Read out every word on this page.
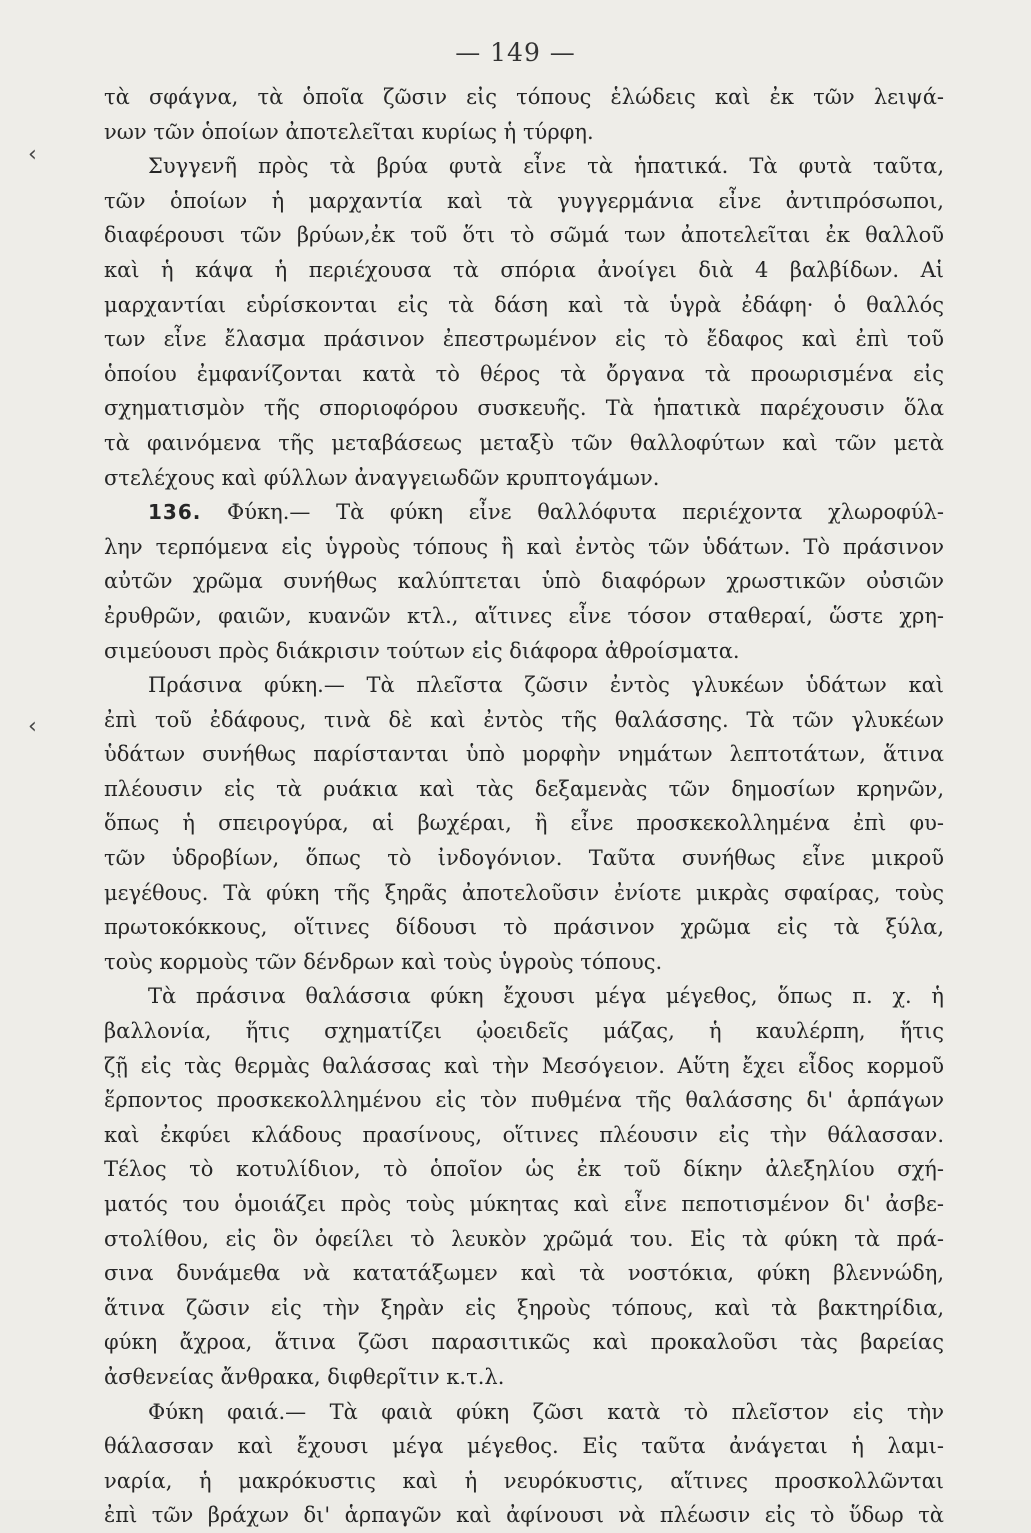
— 149 —
‹
‹
τὰ σφάγνα, τὰ ὁποῖα ζῶσιν εἰς τόπους ἑλώδεις καὶ ἐκ τῶν λειψά-
νων τῶν ὁποίων ἀποτελεῖται κυρίως ἡ τύρφη.
Συγγενῆ πρὸς τὰ βρύα φυτὰ εἶνε τὰ ἡπατικά. Τὰ φυτὰ ταῦτα,
τῶν ὁποίων ἡ μαρχαντία καὶ τὰ γυγγερμάνια εἶνε ἀντιπρόσωποι,
διαφέρουσι τῶν βρύων,ἐκ τοῦ ὅτι τὸ σῶμά των ἀποτελεῖται ἐκ θαλλοῦ
καὶ ἡ κάψα ἡ περιέχουσα τὰ σπόρια ἀνοίγει διὰ 4 βαλβίδων. Αἱ
μαρχαντίαι εὑρίσκονται εἰς τὰ δάση καὶ τὰ ὑγρὰ ἐδάφη· ὁ θαλλός
των εἶνε ἔλασμα πράσινον ἐπεστρωμένον εἰς τὸ ἔδαφος καὶ ἐπὶ τοῦ
ὁποίου ἐμφανίζονται κατὰ τὸ θέρος τὰ ὄργανα τὰ προωρισμένα εἰς
σχηματισμὸν τῆς σποριοφόρου συσκευῆς. Τὰ ἡπατικὰ παρέχουσιν ὅλα
τὰ φαινόμενα τῆς μεταβάσεως μεταξὺ τῶν θαλλοφύτων καὶ τῶν μετὰ
στελέχους καὶ φύλλων ἀναγγειωδῶν κρυπτογάμων.
136. Φύκη.— Τὰ φύκη εἶνε θαλλόφυτα περιέχοντα χλωροφύλ-
λην τερπόμενα εἰς ὑγροὺς τόπους ἢ καὶ ἐντὸς τῶν ὑδάτων. Τὸ πράσινον
αὐτῶν χρῶμα συνήθως καλύπτεται ὑπὸ διαφόρων χρωστικῶν οὐσιῶν
ἐρυθρῶν, φαιῶν, κυανῶν κτλ., αἵτινες εἶνε τόσον σταθεραί, ὥστε χρη-
σιμεύουσι πρὸς διάκρισιν τούτων εἰς διάφορα ἀθροίσματα.
Πράσινα φύκη.— Τὰ πλεῖστα ζῶσιν ἐντὸς γλυκέων ὑδάτων καὶ
ἐπὶ τοῦ ἐδάφους, τινὰ δὲ καὶ ἐντὸς τῆς θαλάσσης. Τὰ τῶν γλυκέων
ὑδάτων συνήθως παρίστανται ὑπὸ μορφὴν νημάτων λεπτοτάτων, ἅτινα
πλέουσιν εἰς τὰ ρυάκια καὶ τὰς δεξαμενὰς τῶν δημοσίων κρηνῶν,
ὅπως ἡ σπειρογύρα, αἱ βωχέραι, ἢ εἶνε προσκεκολλημένα ἐπὶ φυ-
τῶν ὑδροβίων, ὅπως τὸ ἰνδογόνιον. Ταῦτα συνήθως εἶνε μικροῦ
μεγέθους. Τὰ φύκη τῆς ξηρᾶς ἀποτελοῦσιν ἐνίοτε μικρὰς σφαίρας, τοὺς
πρωτοκόκκους, οἵτινες δίδουσι τὸ πράσινον χρῶμα εἰς τὰ ξύλα,
τοὺς κορμοὺς τῶν δένδρων καὶ τοὺς ὑγροὺς τόπους.
Τὰ πράσινα θαλάσσια φύκη ἔχουσι μέγα μέγεθος, ὅπως π. χ. ἡ
βαλλονία, ἥτις σχηματίζει ᾠοειδεῖς μάζας, ἡ καυλέρπη, ἥτις
ζῇ εἰς τὰς θερμὰς θαλάσσας καὶ τὴν Μεσόγειον. Αὕτη ἔχει εἶδος κορμοῦ
ἕρποντος προσκεκολλημένου εἰς τὸν πυθμένα τῆς θαλάσσης δι' ἁρπάγων
καὶ ἐκφύει κλάδους πρασίνους, οἵτινες πλέουσιν εἰς τὴν θάλασσαν.
Τέλος τὸ κοτυλίδιον, τὸ ὁποῖον ὡς ἐκ τοῦ δίκην ἀλεξηλίου σχή-
ματός του ὁμοιάζει πρὸς τοὺς μύκητας καὶ εἶνε πεποτισμένον δι' ἀσβε-
στολίθου, εἰς ὃν ὀφείλει τὸ λευκὸν χρῶμά του. Εἰς τὰ φύκη τὰ πρά-
σινα δυνάμεθα νὰ κατατάξωμεν καὶ τὰ νοστόκια, φύκη βλεννώδη,
ἅτινα ζῶσιν εἰς τὴν ξηρὰν εἰς ξηροὺς τόπους, καὶ τὰ βακτηρίδια,
φύκη ἄχροα, ἅτινα ζῶσι παρασιτικῶς καὶ προκαλοῦσι τὰς βαρείας
ἀσθενείας ἄνθρακα, διφθερῖτιν κ.τ.λ.
Φύκη φαιά.— Τὰ φαιὰ φύκη ζῶσι κατὰ τὸ πλεῖστον εἰς τὴν
θάλασσαν καὶ ἔχουσι μέγα μέγεθος. Εἰς ταῦτα ἀνάγεται ἡ λαμι-
ναρία, ἡ μακρόκυστις καὶ ἡ νευρόκυστις, αἵτινες προσκολλῶνται
ἐπὶ τῶν βράχων δι' ἁρπαγῶν καὶ ἀφίνουσι νὰ πλέωσιν εἰς τὸ ὕδωρ τὰ
